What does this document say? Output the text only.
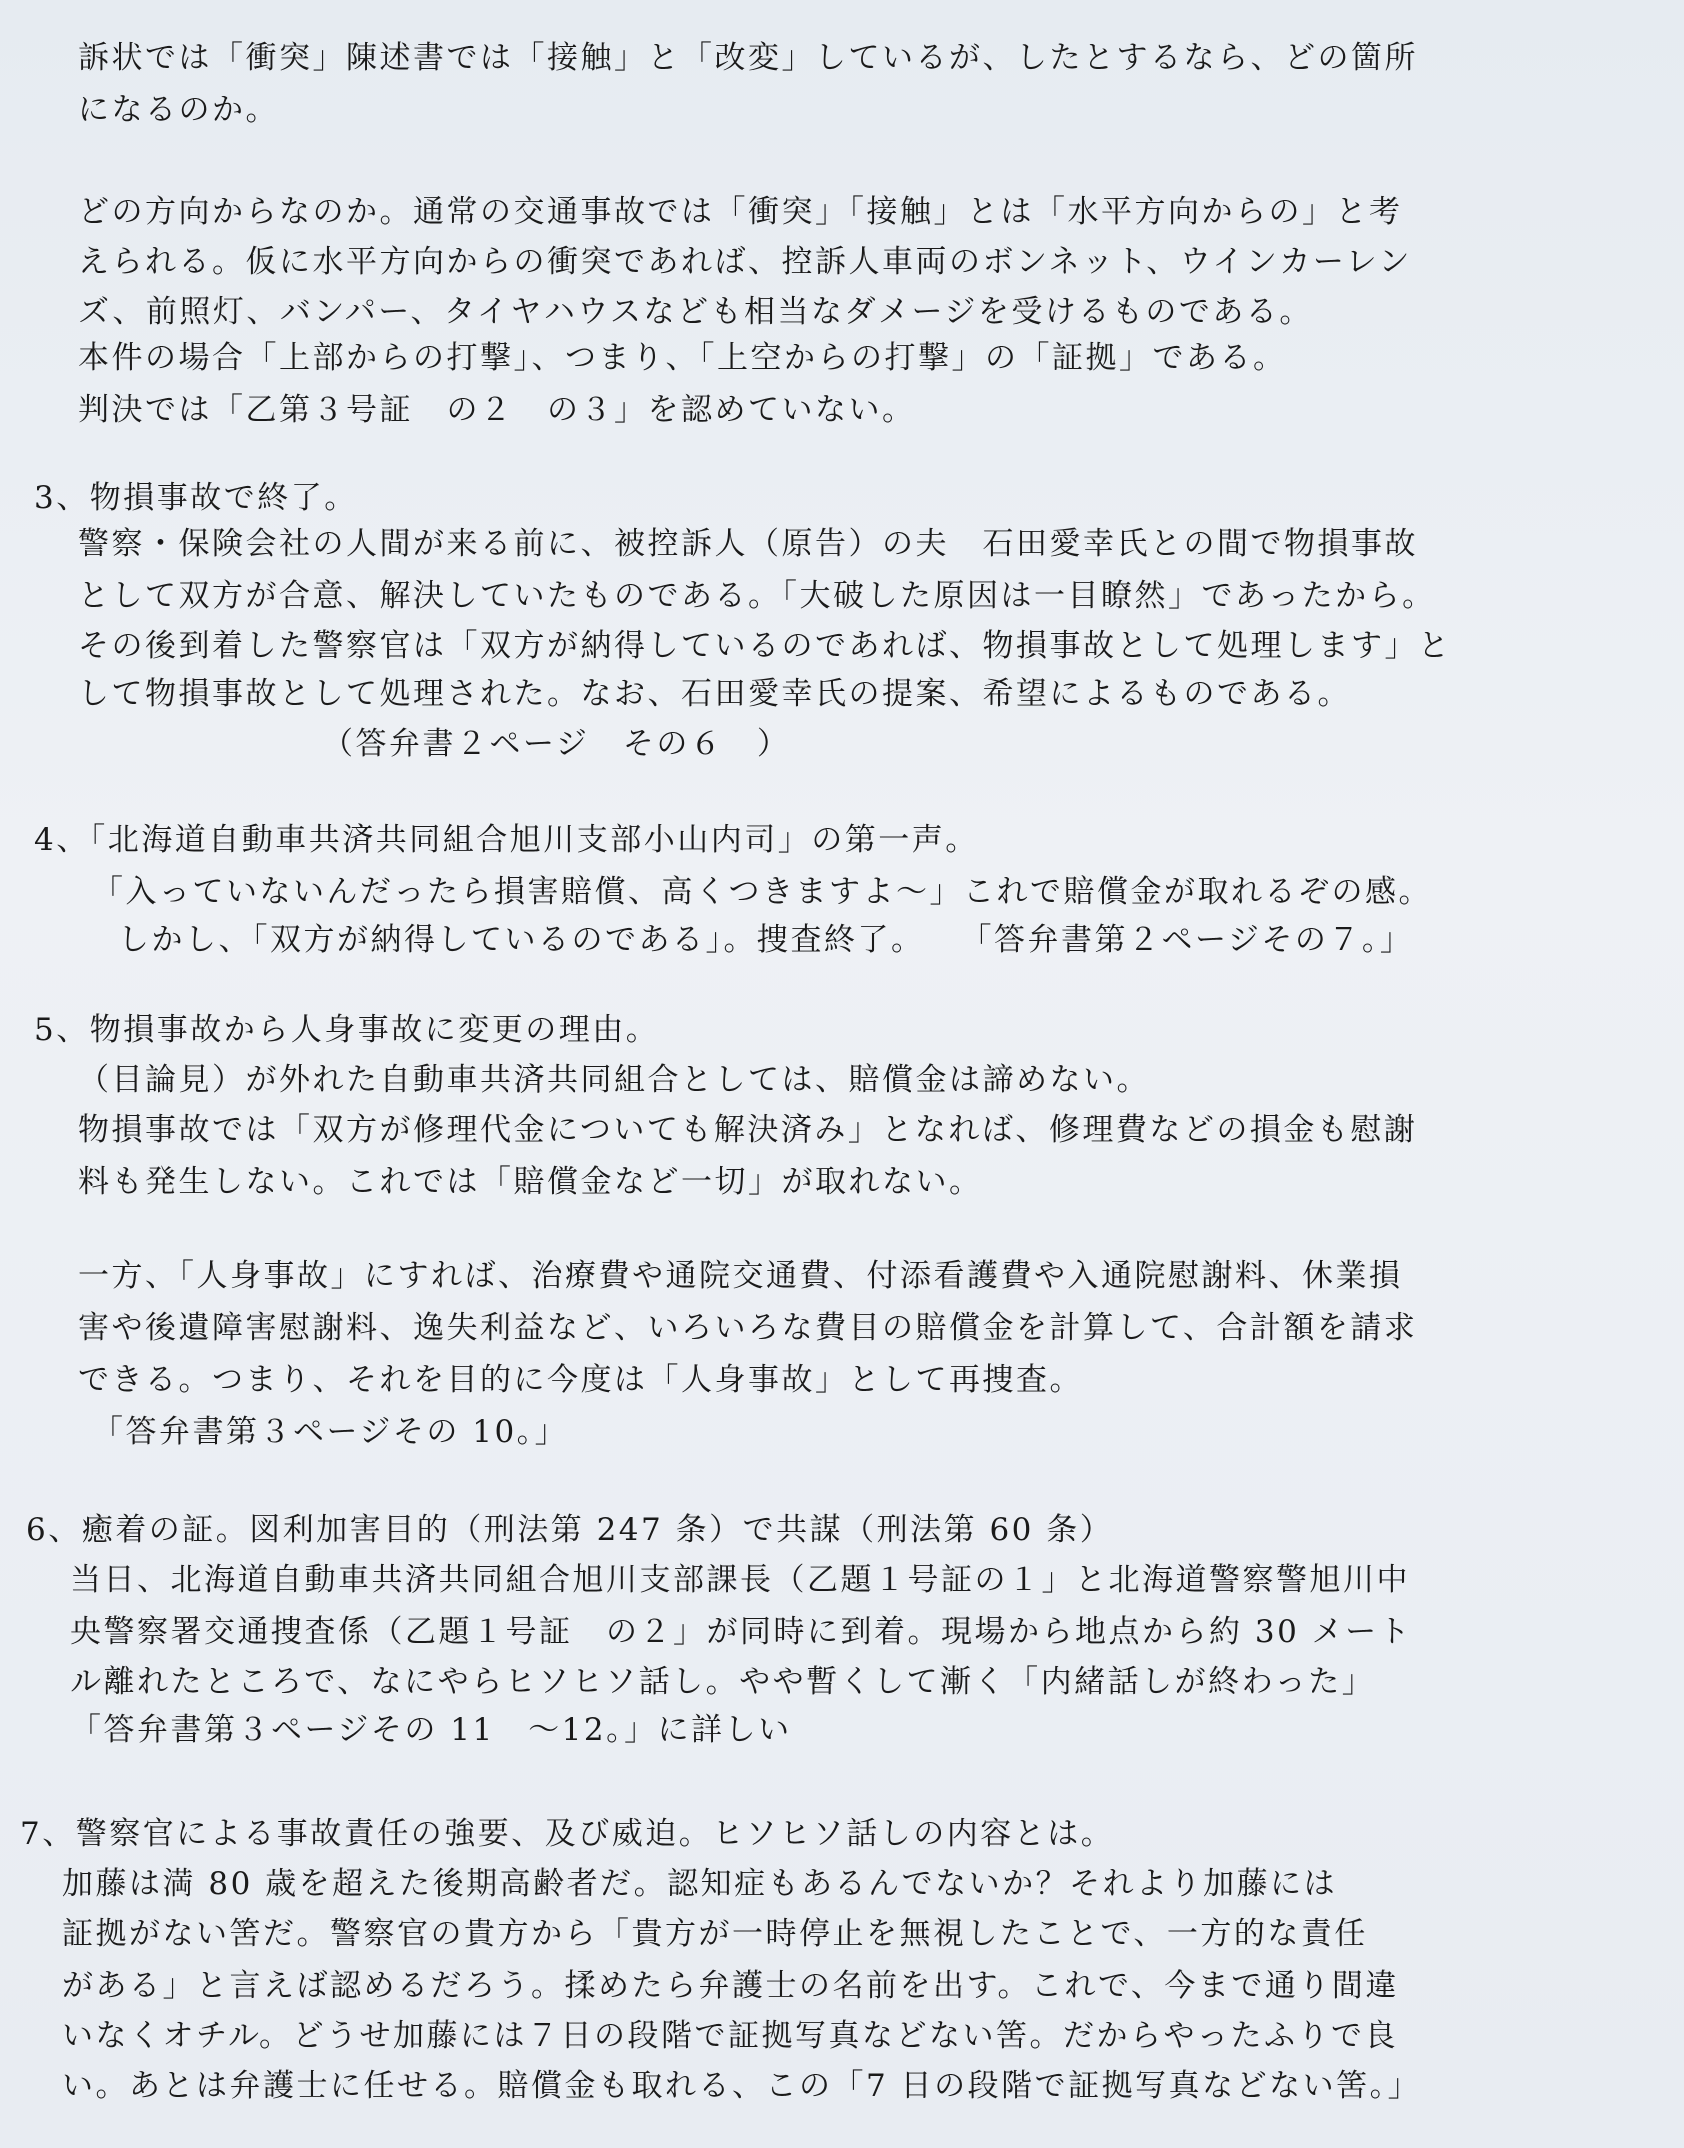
訴状では「衝突」陳述書では「接触」と「改変」しているが、したとするなら、どの箇所
になるのか。
どの方向からなのか。通常の交通事故では「衝突」「接触」とは「水平方向からの」と考
えられる。仮に水平方向からの衝突であれば、控訴人車両のボンネット、ウインカーレン
ズ、前照灯、バンパー、タイヤハウスなども相当なダメージを受けるものである。
本件の場合「上部からの打撃」、つまり、「上空からの打撃」の「証拠」である。
判決では「乙第３号証　の２　の３」を認めていない。
3、物損事故で終了。
警察・保険会社の人間が来る前に、被控訴人（原告）の夫　石田愛幸氏との間で物損事故
として双方が合意、解決していたものである。「大破した原因は一目瞭然」であったから。
その後到着した警察官は「双方が納得しているのであれば、物損事故として処理します」と
して物損事故として処理された。なお、石田愛幸氏の提案、希望によるものである。
（答弁書２ページ　その６　）
4、「北海道自動車共済共同組合旭川支部小山内司」の第一声。
「入っていないんだったら損害賠償、高くつきますよ～」これで賠償金が取れるぞの感。
しかし、「双方が納得しているのである」。捜査終了。　　「答弁書第２ページその７。」
5、物損事故から人身事故に変更の理由。
（目論見）が外れた自動車共済共同組合としては、賠償金は諦めない。
物損事故では「双方が修理代金についても解決済み」となれば、修理費などの損金も慰謝
料も発生しない。これでは「賠償金など一切」が取れない。
一方、「人身事故」にすれば、治療費や通院交通費、付添看護費や入通院慰謝料、休業損
害や後遺障害慰謝料、逸失利益など、いろいろな費目の賠償金を計算して、合計額を請求
できる。つまり、それを目的に今度は「人身事故」として再捜査。
「答弁書第３ページその 10。」
6、癒着の証。図利加害目的（刑法第 247 条）で共謀（刑法第 60 条）
当日、北海道自動車共済共同組合旭川支部課長（乙題１号証の１」と北海道警察警旭川中
央警察署交通捜査係（乙題１号証　の２」が同時に到着。現場から地点から約 30 メート
ル離れたところで、なにやらヒソヒソ話し。やや暫くして漸く「内緒話しが終わった」
「答弁書第３ページその 11　～12。」に詳しい
7、警察官による事故責任の強要、及び威迫。ヒソヒソ話しの内容とは。
加藤は満 80 歳を超えた後期高齢者だ。認知症もあるんでないか？それより加藤には
証拠がない筈だ。警察官の貴方から「貴方が一時停止を無視したことで、一方的な責任
がある」と言えば認めるだろう。揉めたら弁護士の名前を出す。これで、今まで通り間違
いなくオチル。どうせ加藤には７日の段階で証拠写真などない筈。だからやったふりで良
い。あとは弁護士に任せる。賠償金も取れる、この「7 日の段階で証拠写真などない筈。」
